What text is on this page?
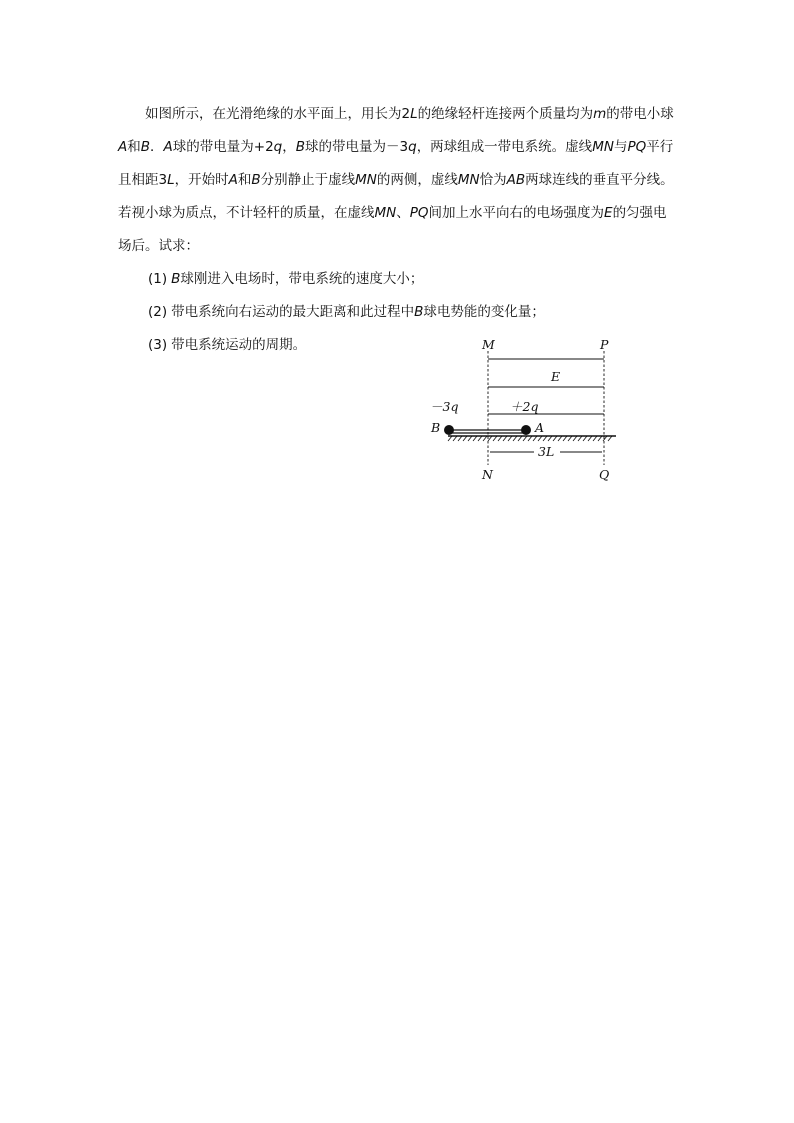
如图所示，在光滑绝缘的水平面上，用长为2L的绝缘轻杆连接两个质量均为m的带电小球A和B．A球的带电量为+2q，B球的带电量为－3q，两球组成一带电系统。虚线MN与PQ平行且相距3L，开始时A和B分别静止于虚线MN的两侧，虚线MN恰为AB两球连线的垂直平分线。若视小球为质点，不计轻杆的质量，在虚线MN、PQ间加上水平向右的电场强度为E的匀强电场后。试求：

(1) B球刚进入电场时，带电系统的速度大小；

(2) 带电系统向右运动的最大距离和此过程中B球电势能的变化量；

(3) 带电系统运动的周期。	M	P
E
－3q	＋2q
B	A
3L
N	Q
